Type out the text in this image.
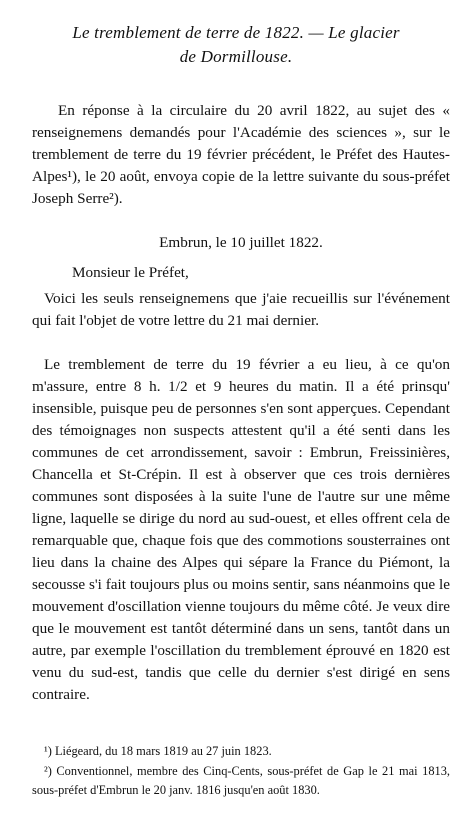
Le tremblement de terre de 1822. — Le glacier
de Dormillouse.

En réponse à la circulaire du 20 avril 1822, au sujet des « renseignemens demandés pour l'Académie des sciences », sur le tremblement de terre du 19 février précédent, le Préfet des Hautes-Alpes¹), le 20 août, envoya copie de la lettre suivante du sous-préfet Joseph Serre²).

Embrun, le 10 juillet 1822.

Monsieur le Préfet,

Voici les seuls renseignemens que j'aie recueillis sur l'événement qui fait l'objet de votre lettre du 21 mai dernier.

Le tremblement de terre du 19 février a eu lieu, à ce qu'on m'assure, entre 8 h. 1/2 et 9 heures du matin. Il a été prinsqu' insensible, puisque peu de personnes s'en sont apperçues. Cependant des témoignages non suspects attestent qu'il a été senti dans les communes de cet arrondissement, savoir : Embrun, Freissinières, Chancella et St-Crépin. Il est à observer que ces trois dernières communes sont disposées à la suite l'une de l'autre sur une même ligne, laquelle se dirige du nord au sud-ouest, et elles offrent cela de remarquable que, chaque fois que des commotions sousterraines ont lieu dans la chaine des Alpes qui sépare la France du Piémont, la secousse s'i fait toujours plus ou moins sentir, sans néanmoins que le mouvement d'oscillation vienne toujours du même côté. Je veux dire que le mouvement est tantôt déterminé dans un sens, tantôt dans un autre, par exemple l'oscillation du tremblement éprouvé en 1820 est venu du sud-est, tandis que celle du dernier s'est dirigé en sens contraire.

¹) Liégeard, du 18 mars 1819 au 27 juin 1823.

²) Conventionnel, membre des Cinq-Cents, sous-préfet de Gap le 21 mai 1813, sous-préfet d'Embrun le 20 janv. 1816 jusqu'en août 1830.
